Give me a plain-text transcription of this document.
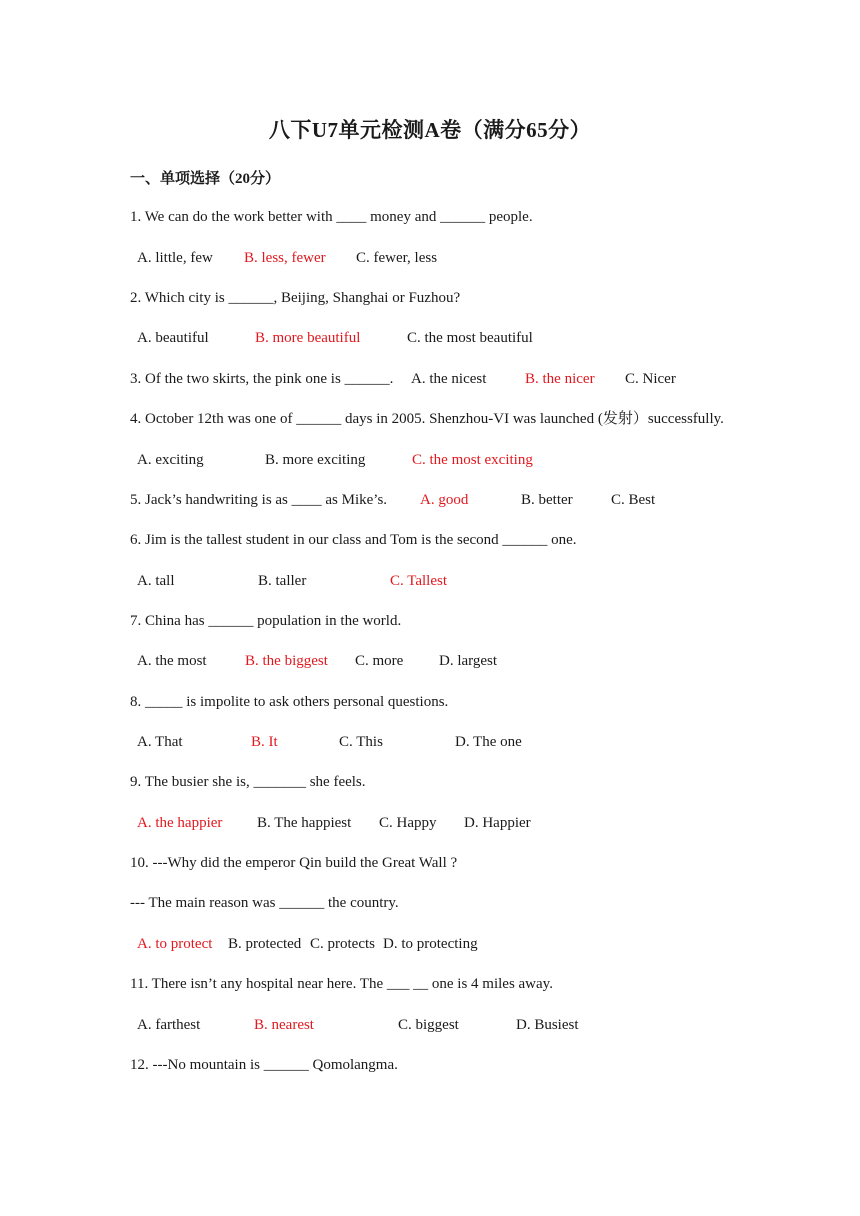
八下U7单元检测A卷（满分65分）
一、单项选择（20分）
1. We can do the work better with ____ money and ______ people.
A. little, few B. less, fewer C. fewer, less
2. Which city is ______, Beijing, Shanghai or Fuzhou?
A. beautiful	B. more beautiful	C. the most beautiful
3. Of the two skirts, the pink one is ______. A. the nicest	B. the nicer C. Nicer
4. October 12th was one of ______ days in 2005. Shenzhou-VI was launched (发射）successfully.
A. exciting	B. more exciting	C. the most exciting
5. Jack’s handwriting is as ____ as Mike’s. A. good	B. better	C. Best
6. Jim is the tallest student in our class and Tom is the second ______ one.
A. tall	B. taller	C. Tallest
7. China has ______ population in the world.
A. the most	B. the biggest C. more D. largest
8. _____ is impolite to ask others personal questions.
A. That	B. It	C. This	D. The one
9. The busier she is, _______ she feels.
A. the happier B. The happiest C. Happy D. Happier
10. ---Why did the emperor Qin build the Great Wall ?
--- The main reason was ______ the country.
A. to protect B. protected C. protects D. to protecting
11. There isn’t any hospital near here. The ___ __ one is 4 miles away.
A. farthest	B. nearest	C. biggest	D. Busiest
12. ---No mountain is ______ Qomolangma.
